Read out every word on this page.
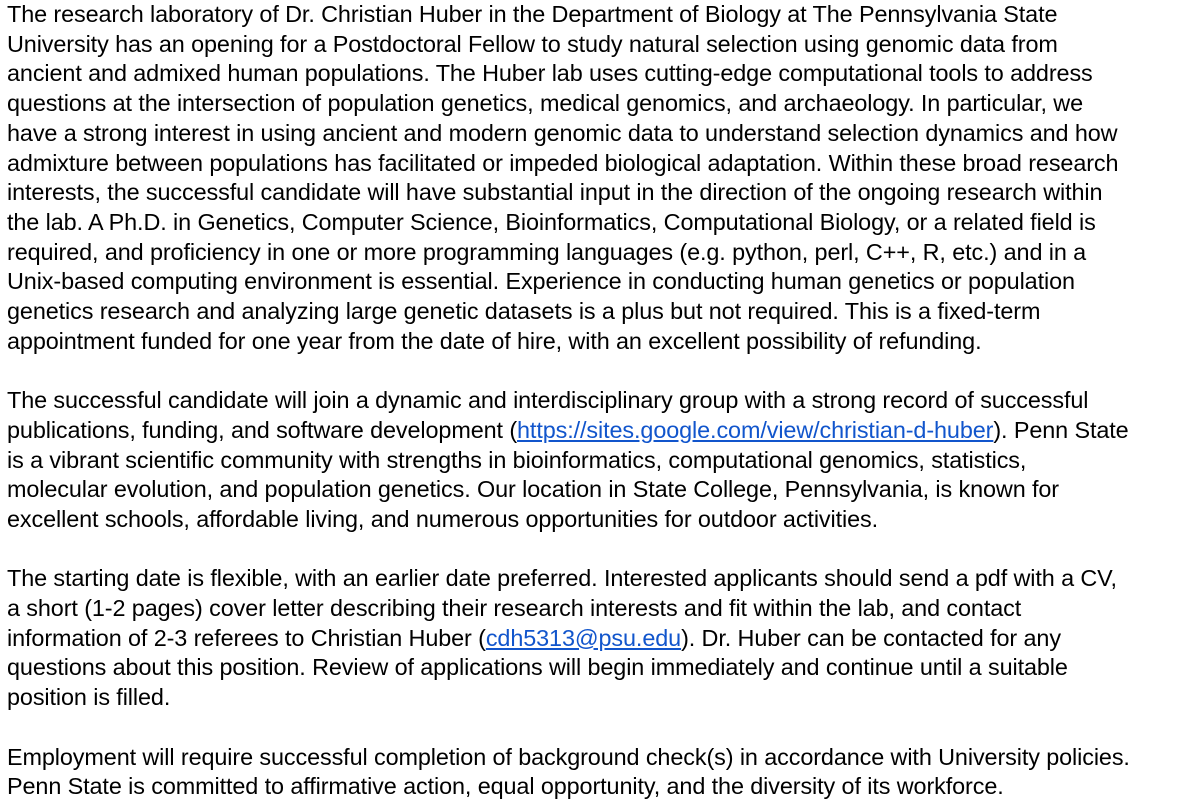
The research laboratory of Dr. Christian Huber in the Department of Biology at The Pennsylvania State
University has an opening for a Postdoctoral Fellow to study natural selection using genomic data from
ancient and admixed human populations. The Huber lab uses cutting-edge computational tools to address
questions at the intersection of population genetics, medical genomics, and archaeology. In particular, we
have a strong interest in using ancient and modern genomic data to understand selection dynamics and how
admixture between populations has facilitated or impeded biological adaptation. Within these broad research
interests, the successful candidate will have substantial input in the direction of the ongoing research within
the lab. A Ph.D. in Genetics, Computer Science, Bioinformatics, Computational Biology, or a related field is
required, and proficiency in one or more programming languages (e.g. python, perl, C++, R, etc.) and in a
Unix-based computing environment is essential. Experience in conducting human genetics or population
genetics research and analyzing large genetic datasets is a plus but not required. This is a fixed-term
appointment funded for one year from the date of hire, with an excellent possibility of refunding.

The successful candidate will join a dynamic and interdisciplinary group with a strong record of successful
publications, funding, and software development (https://sites.google.com/view/christian-d-huber). Penn State
is a vibrant scientific community with strengths in bioinformatics, computational genomics, statistics,
molecular evolution, and population genetics. Our location in State College, Pennsylvania, is known for
excellent schools, affordable living, and numerous opportunities for outdoor activities.

The starting date is flexible, with an earlier date preferred. Interested applicants should send a pdf with a CV,
a short (1-2 pages) cover letter describing their research interests and fit within the lab, and contact
information of 2-3 referees to Christian Huber (cdh5313@psu.edu). Dr. Huber can be contacted for any
questions about this position. Review of applications will begin immediately and continue until a suitable
position is filled.

Employment will require successful completion of background check(s) in accordance with University policies.
Penn State is committed to affirmative action, equal opportunity, and the diversity of its workforce.
